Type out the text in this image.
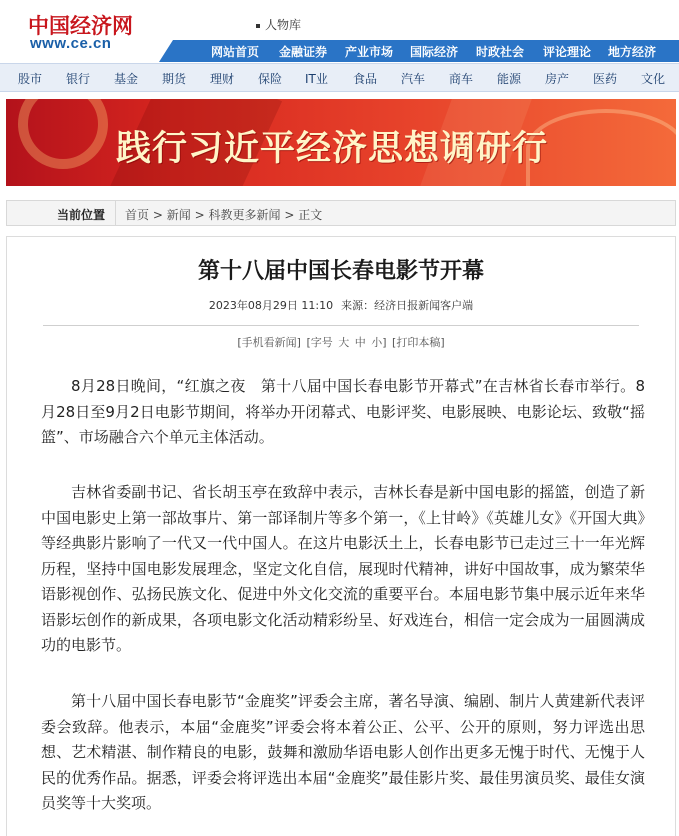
中国经济网
www.ce.cn
人物库
网站首页 金融证券 产业市场 国际经济 时政社会 评论理论 地方经济
股市 银行 基金 期货 理财 保险 IT业 食品 汽车 商车 能源 房产 医药 文化
践行习近平经济思想调研行
当前位置 首页 > 新闻 > 科教更多新闻 > 正文
第十八届中国长春电影节开幕
2023年08月29日 11:10 来源：经济日报新闻客户端
[手机看新闻] [字号 大 中 小] [打印本稿]

8月28日晚间，“红旗之夜　第十八届中国长春电影节开幕式”在吉林省长春市举行。8月28日至9月2日电影节期间，将举办开闭幕式、电影评奖、电影展映、电影论坛、致敬“摇篮”、市场融合六个单元主体活动。

吉林省委副书记、省长胡玉亭在致辞中表示，吉林长春是新中国电影的摇篮，创造了新中国电影史上第一部故事片、第一部译制片等多个第一，《上甘岭》《英雄儿女》《开国大典》等经典影片影响了一代又一代中国人。在这片电影沃土上，长春电影节已走过三十一年光辉历程，坚持中国电影发展理念，坚定文化自信，展现时代精神，讲好中国故事，成为繁荣华语影视创作、弘扬民族文化、促进中外文化交流的重要平台。本届电影节集中展示近年来华语影坛创作的新成果，各项电影文化活动精彩纷呈、好戏连台，相信一定会成为一届圆满成功的电影节。

第十八届中国长春电影节“金鹿奖”评委会主席，著名导演、编剧、制片人黄建新代表评委会致辞。他表示，本届“金鹿奖”评委会将本着公正、公平、公开的原则，努力评选出思想、艺术精湛、制作精良的电影，鼓舞和激励华语电影人创作出更多无愧于时代、无愧于人民的优秀作品。据悉，评委会将评选出本届“金鹿奖”最佳影片奖、最佳男演员奖、最佳女演员奖等十大奖项。
